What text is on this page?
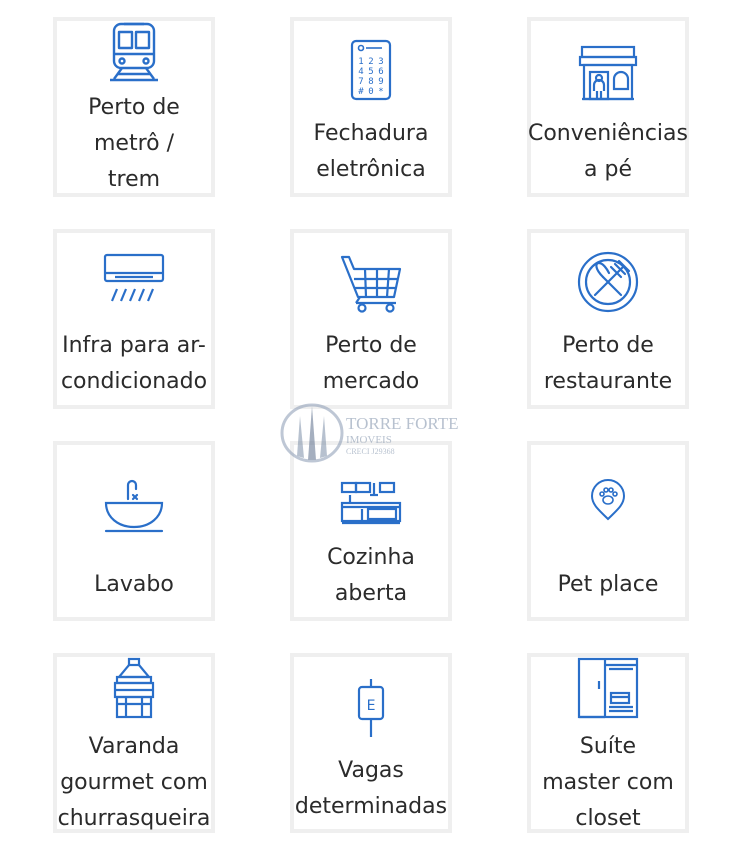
Perto de
metrô /
trem
1 2 3
4 5 6
7 8 9
# 0 *
Fechadura
eletrônica
Conveniências
a pé
Infra para ar-
condicionado
Perto de
mercado
Perto de
restaurante
Lavabo
Cozinha
aberta	Pet place
Varanda
gourmet com
churrasqueira
E
Vagas
determinadas
Suíte
master com
closet
TORRE FORTE
IMOVEIS
CRECI J29368
